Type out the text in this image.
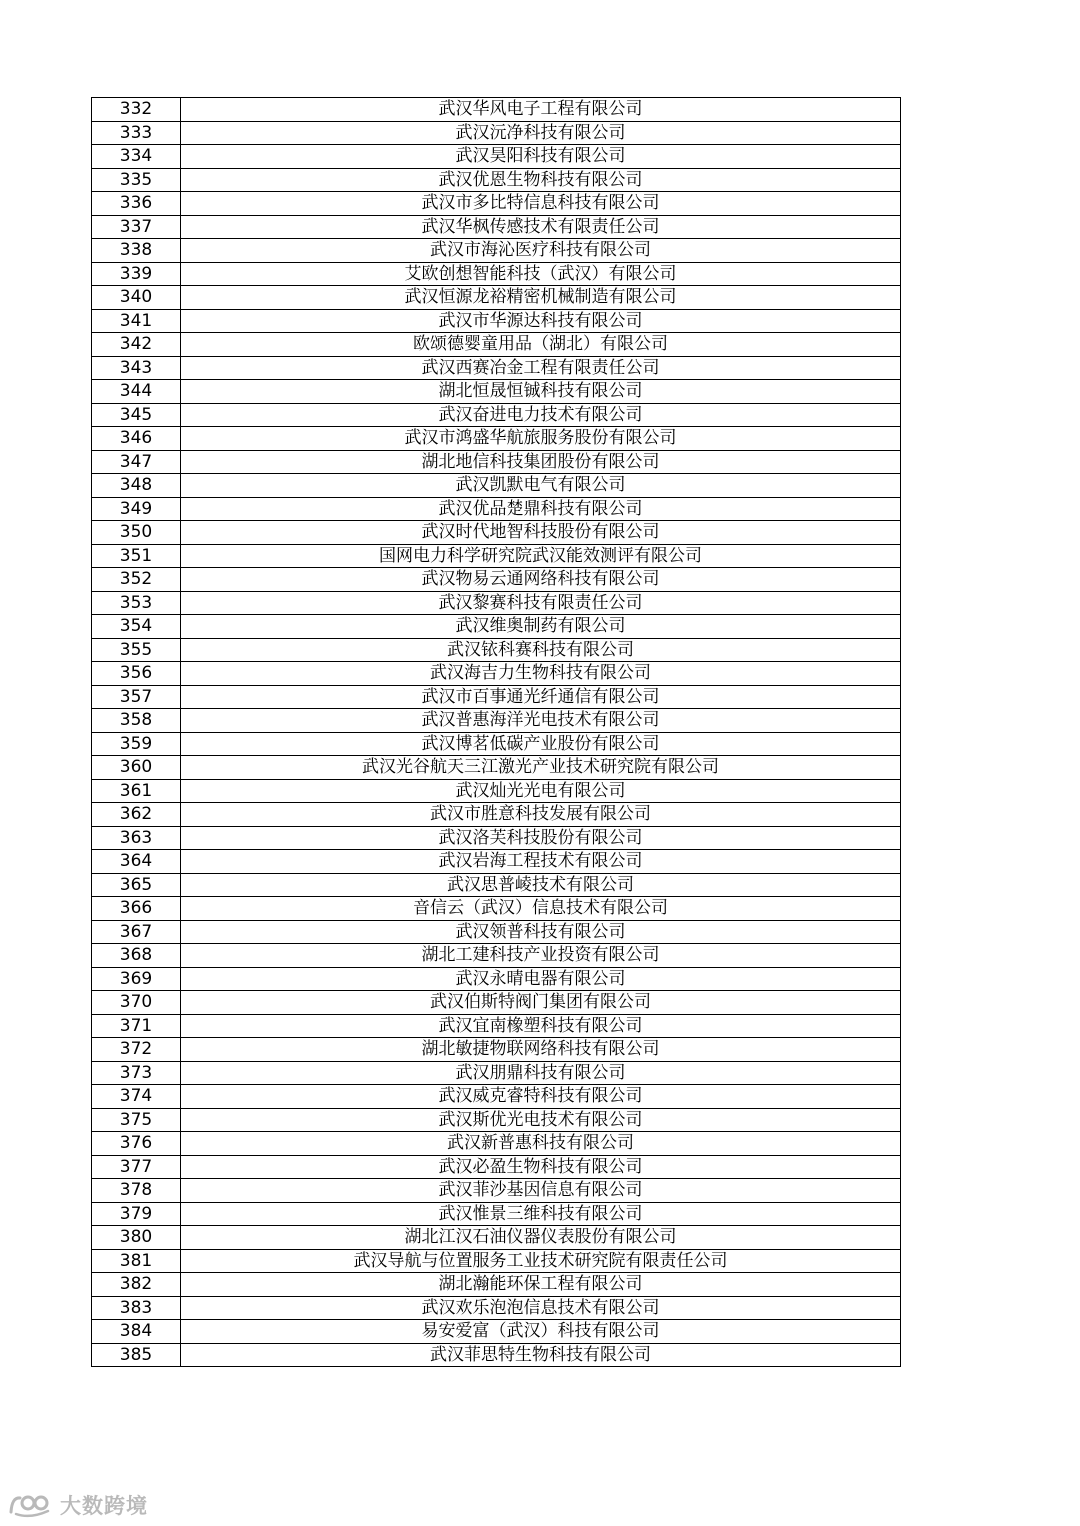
332	武汉华风电子工程有限公司
333	武汉沅净科技有限公司
334	武汉昊阳科技有限公司
335	武汉优恩生物科技有限公司
336	武汉市多比特信息科技有限公司
337	武汉华枫传感技术有限责任公司
338	武汉市海沁医疗科技有限公司
339	艾欧创想智能科技（武汉）有限公司
340	武汉恒源龙裕精密机械制造有限公司
341	武汉市华源达科技有限公司
342	欧颂德婴童用品（湖北）有限公司
343	武汉西赛冶金工程有限责任公司
344	湖北恒晟恒铖科技有限公司
345	武汉奋进电力技术有限公司
346	武汉市鸿盛华航旅服务股份有限公司
347	湖北地信科技集团股份有限公司
348	武汉凯默电气有限公司
349	武汉优品楚鼎科技有限公司
350	武汉时代地智科技股份有限公司
351	国网电力科学研究院武汉能效测评有限公司
352	武汉物易云通网络科技有限公司
353	武汉黎赛科技有限责任公司
354	武汉维奥制药有限公司
355	武汉铱科赛科技有限公司
356	武汉海吉力生物科技有限公司
357	武汉市百事通光纤通信有限公司
358	武汉普惠海洋光电技术有限公司
359	武汉博茗低碳产业股份有限公司
360	武汉光谷航天三江激光产业技术研究院有限公司
361	武汉灿光光电有限公司
362	武汉市胜意科技发展有限公司
363	武汉洛芙科技股份有限公司
364	武汉岩海工程技术有限公司
365	武汉思普崚技术有限公司
366	音信云（武汉）信息技术有限公司
367	武汉领普科技有限公司
368	湖北工建科技产业投资有限公司
369	武汉永晴电器有限公司
370	武汉伯斯特阀门集团有限公司
371	武汉宜南橡塑科技有限公司
372	湖北敏捷物联网络科技有限公司
373	武汉朋鼎科技有限公司
374	武汉威克睿特科技有限公司
375	武汉斯优光电技术有限公司
376	武汉新普惠科技有限公司
377	武汉必盈生物科技有限公司
378	武汉菲沙基因信息有限公司
379	武汉惟景三维科技有限公司
380	湖北江汉石油仪器仪表股份有限公司
381	武汉导航与位置服务工业技术研究院有限责任公司
382	湖北瀚能环保工程有限公司
383	武汉欢乐泡泡信息技术有限公司
384	易安爱富（武汉）科技有限公司
385	武汉菲思特生物科技有限公司
大数跨境
